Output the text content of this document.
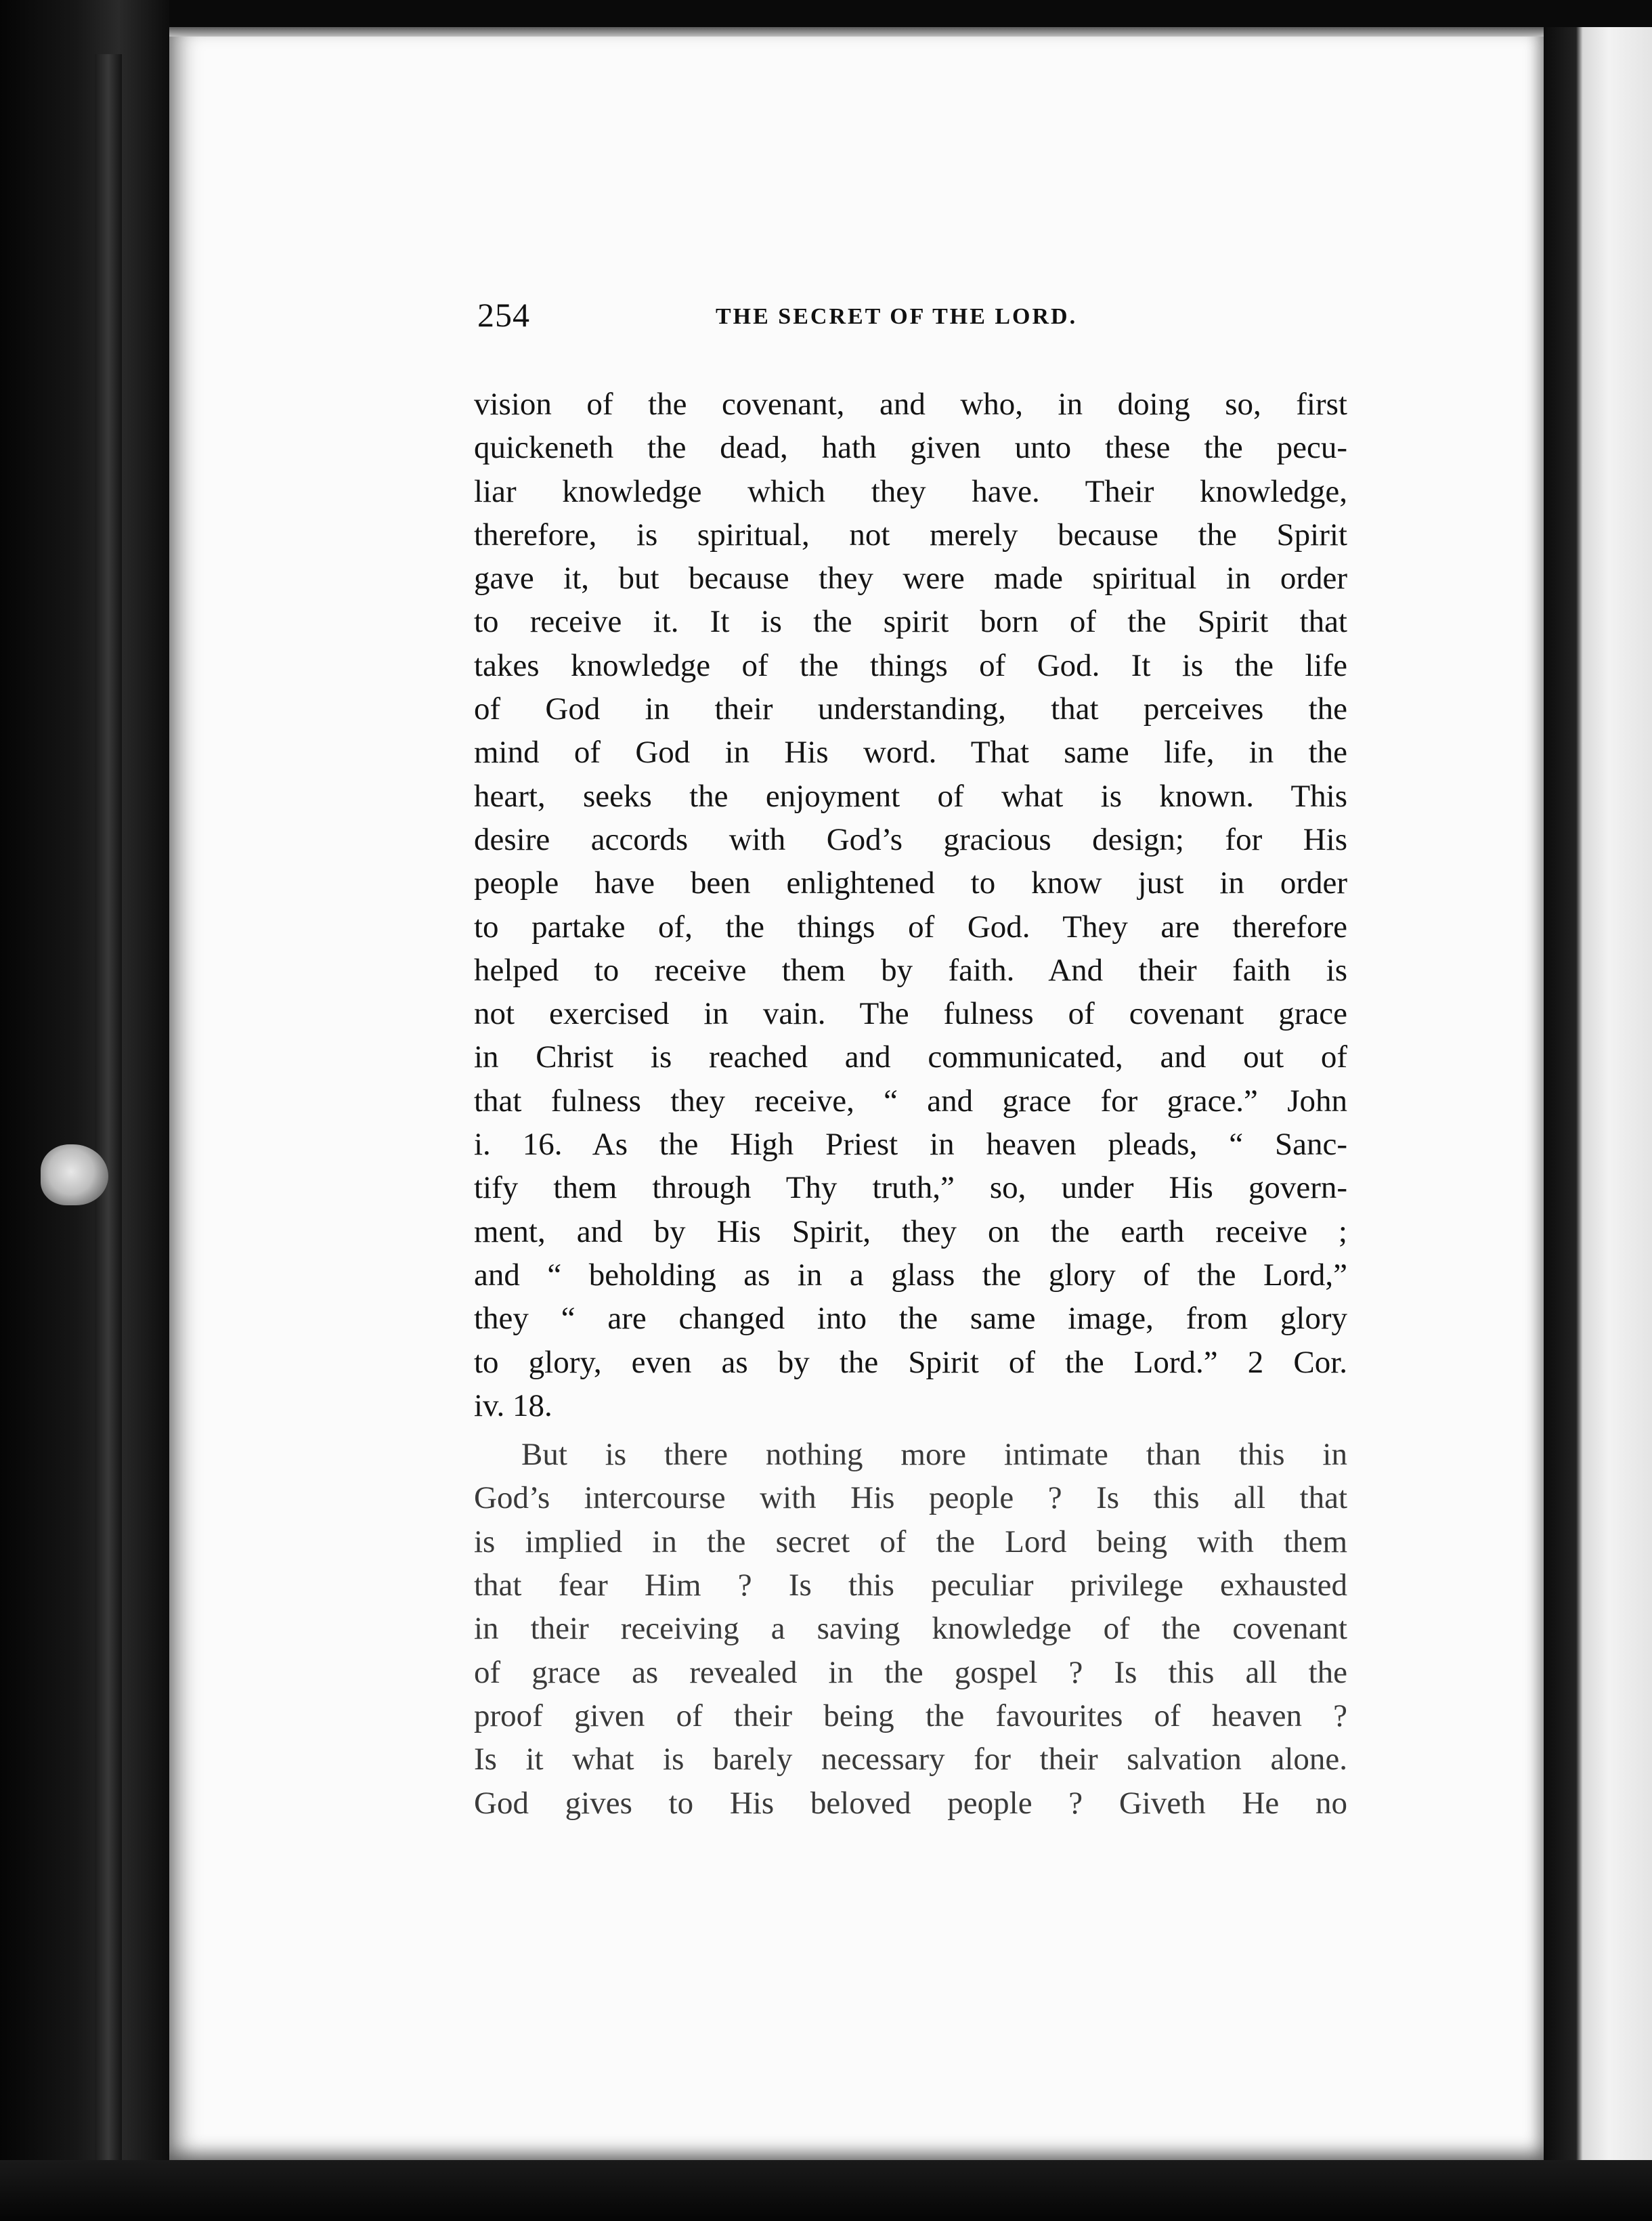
254	THE SECRET OF THE LORD.
vision of the covenant, and who, in doing so, first
quickeneth the dead, hath given unto these the pecu-
liar knowledge which they have. Their knowledge,
therefore, is spiritual, not merely because the Spirit
gave it, but because they were made spiritual in order
to receive it. It is the spirit born of the Spirit that
takes knowledge of the things of God. It is the life
of God in their understanding, that perceives the
mind of God in His word. That same life, in the
heart, seeks the enjoyment of what is known. This
desire accords with God’s gracious design; for His
people have been enlightened to know just in order
to partake of, the things of God. They are therefore
helped to receive them by faith. And their faith is
not exercised in vain. The fulness of covenant grace
in Christ is reached and communicated, and out of
that fulness they receive, “ and grace for grace.” John
i. 16. As the High Priest in heaven pleads, “ Sanc-
tify them through Thy truth,” so, under His govern-
ment, and by His Spirit, they on the earth receive ;
and “ beholding as in a glass the glory of the Lord,”
they “ are changed into the same image, from glory
to glory, even as by the Spirit of the Lord.” 2 Cor.
iv. 18.
But is there nothing more intimate than this in
God’s intercourse with His people ? Is this all that
is implied in the secret of the Lord being with them
that fear Him ? Is this peculiar privilege exhausted
in their receiving a saving knowledge of the covenant
of grace as revealed in the gospel ? Is this all the
proof given of their being the favourites of heaven ?
Is it what is barely necessary for their salvation alone.
God gives to His beloved people ? Giveth He no
